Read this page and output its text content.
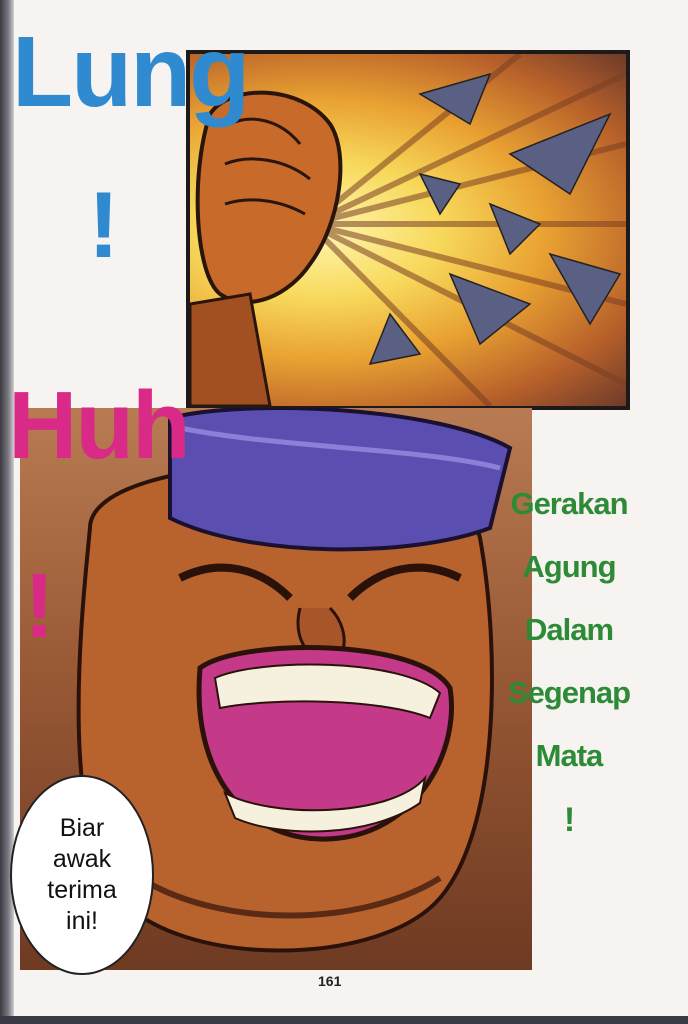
Lung
!
Huh
!
Gerakan
Agung
Dalam
Segenap
Mata
!
Biar
awak
terima
ini!
161
